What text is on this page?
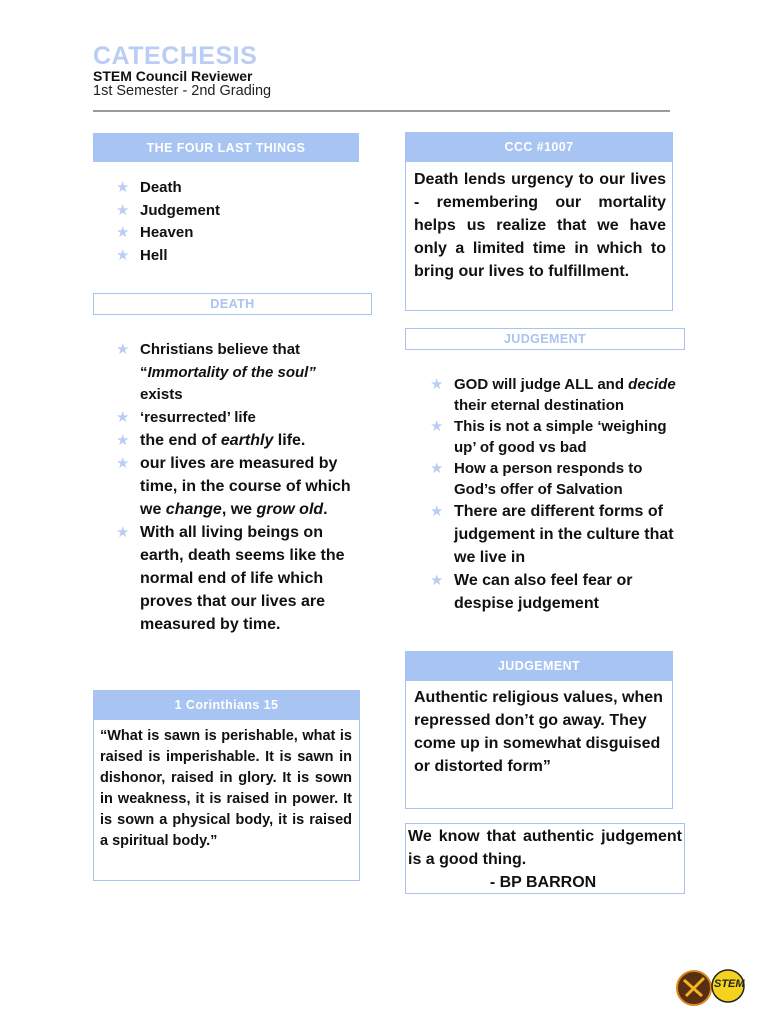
CATECHESIS
STEM Council Reviewer
1st Semester - 2nd Grading
THE FOUR LAST THINGS
★ Death
★ Judgement
★ Heaven
★ Hell
DEATH
★ Christians believe that “Immortality of the soul” exists
★ ‘resurrected’ life
★ the end of earthly life.
★ our lives are measured by time, in the course of which we change, we grow old.
★ With all living beings on earth, death seems like the normal end of life which proves that our lives are measured by time.
1 Corinthians 15
“What is sawn is perishable, what is raised is imperishable. It is sawn in dishonor, raised in glory. It is sown in weakness, it is raised in power. It is sown a physical body, it is raised a spiritual body.”
CCC #1007
Death lends urgency to our lives - remembering our mortality helps us realize that we have only a limited time in which to bring our lives to fulfillment.
JUDGEMENT
★ GOD will judge ALL and decide their eternal destination
★ This is not a simple ‘weighing up’ of good vs bad
★ How a person responds to God’s offer of Salvation
★ There are different forms of judgement in the culture that we live in
★ We can also feel fear or despise judgement
JUDGEMENT
Authentic religious values, when repressed don’t go away. They come up in somewhat disguised or distorted form”
We know that authentic judgement is a good thing.
- BP BARRON
STEM
